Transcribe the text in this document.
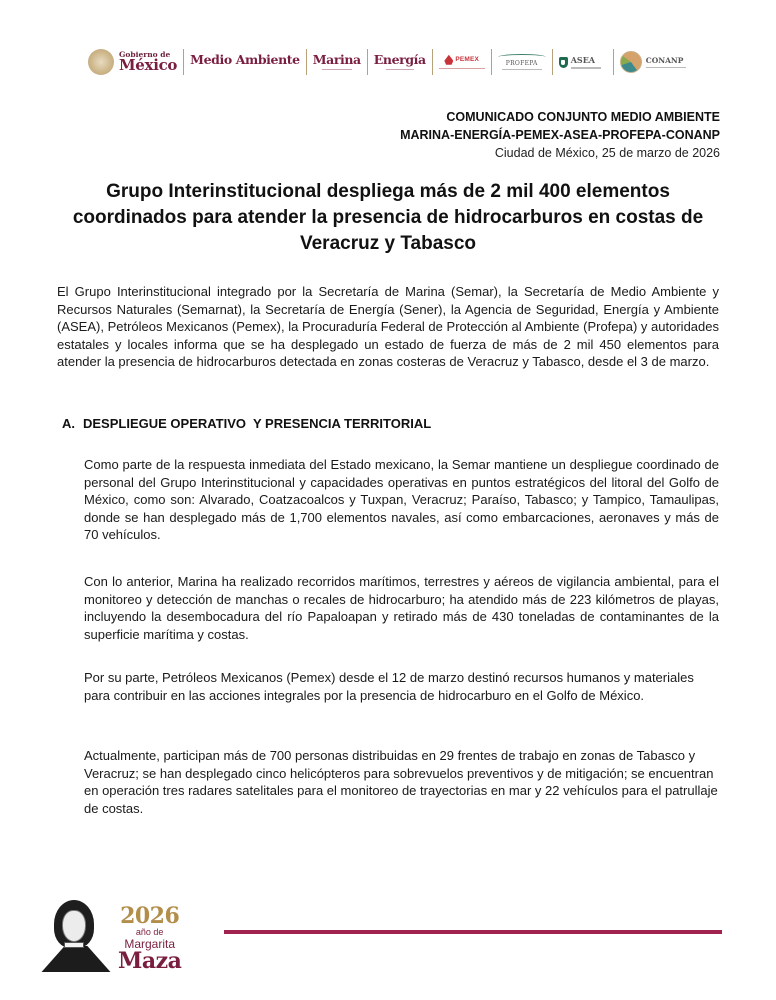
Gobierno de
México Medio Ambiente Marina Energía	PEMEX	PROFEPA	ASEA	CONANP
COMUNICADO CONJUNTO MEDIO AMBIENTE
MARINA-ENERGÍA-PEMEX-ASEA-PROFEPA-CONANP
Ciudad de México, 25 de marzo de 2026
Grupo Interinstitucional despliega más de 2 mil 400 elementos coordinados para atender la presencia de hidrocarburos en costas de Veracruz y Tabasco

El Grupo Interinstitucional integrado por la Secretaría de Marina (Semar), la Secretaría de Medio Ambiente y Recursos Naturales (Semarnat), la Secretaría de Energía (Sener), la Agencia de Seguridad, Energía y Ambiente (ASEA), Petróleos Mexicanos (Pemex), la Procuraduría Federal de Protección al Ambiente (Profepa) y autoridades estatales y locales informa que se ha desplegado un estado de fuerza de más de 2 mil 450 elementos para atender la presencia de hidrocarburos detectada en zonas costeras de Veracruz y Tabasco, desde el 3 de marzo.

A. DESPLIEGUE OPERATIVO  Y PRESENCIA TERRITORIAL

Como parte de la respuesta inmediata del Estado mexicano, la Semar mantiene un despliegue coordinado de personal del Grupo Interinstitucional y capacidades operativas en puntos estratégicos del litoral del Golfo de México, como son: Alvarado, Coatzacoalcos y Tuxpan, Veracruz; Paraíso, Tabasco; y Tampico, Tamaulipas, donde se han desplegado más de 1,700 elementos navales, así como embarcaciones, aeronaves y más de 70 vehículos.

Con lo anterior, Marina ha realizado recorridos marítimos, terrestres y aéreos de vigilancia ambiental, para el monitoreo y detección de manchas o recales de hidrocarburo; ha atendido más de 223 kilómetros de playas, incluyendo la desembocadura del río Papaloapan y retirado más de 430 toneladas de contaminantes de la superficie marítima y costas.

Por su parte, Petróleos Mexicanos (Pemex) desde el 12 de marzo destinó recursos humanos y materiales para contribuir en las acciones integrales por la presencia de hidrocarburo en el Golfo de México.

Actualmente, participan más de 700 personas distribuidas en 29 frentes de trabajo en zonas de Tabasco y Veracruz; se han desplegado cinco helicópteros para sobrevuelos preventivos y de mitigación; se encuentran en operación tres radares satelitales para el monitoreo de trayectorias en mar y 22 vehículos para el patrullaje de costas.

2026
año de
Margarita
Maza
